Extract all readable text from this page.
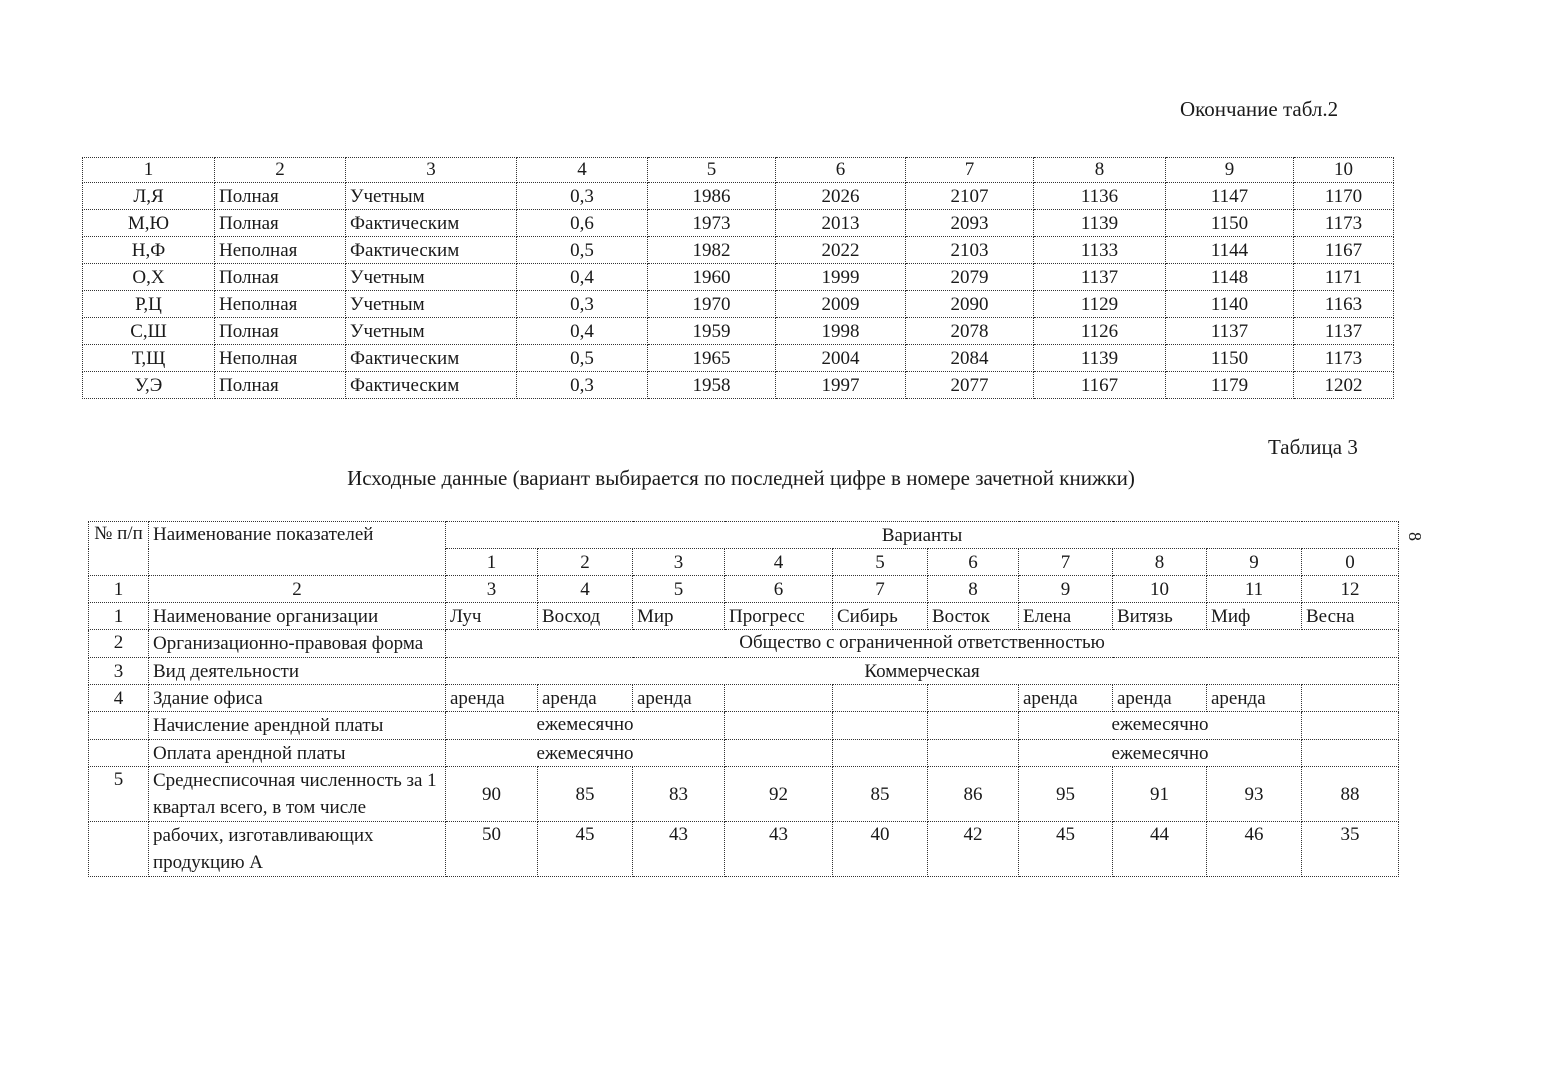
Окончание табл.2
1	2	3	4	5	6	7	8	9	10
Л,Я	Полная	Учетным	0,3	1986	2026	2107	1136	1147	1170
М,Ю	Полная	Фактическим	0,6	1973	2013	2093	1139	1150	1173
Н,Ф	Неполная	Фактическим	0,5	1982	2022	2103	1133	1144	1167
О,Х	Полная	Учетным	0,4	1960	1999	2079	1137	1148	1171
Р,Ц	Неполная	Учетным	0,3	1970	2009	2090	1129	1140	1163
С,Ш	Полная	Учетным	0,4	1959	1998	2078	1126	1137	1137
Т,Щ	Неполная	Фактическим	0,5	1965	2004	2084	1139	1150	1173
У,Э	Полная	Фактическим	0,3	1958	1997	2077	1167	1179	1202
Таблица 3
Исходные данные (вариант выбирается по последней цифре в номере зачетной книжки)
8
№ п/п	Наименование показателей	Варианты									
		1	2	3	4	5	6	7	8	9	0
1	2	3	4	5	6	7	8	9	10	11	12
1	Наименование организации	Луч	Восход	Мир	Прогресс	Сибирь	Восток	Елена	Витязь	Миф	Весна
2	Организационно-правовая форма	Общество с ограниченной ответственностью									
3	Вид деятельности	Коммерческая									
4	Здание офиса	аренда	аренда	аренда				аренда	аренда	аренда	
	Начисление арендной платы	ежемесячно						ежемесячно			
	Оплата арендной платы	ежемесячно						ежемесячно			
5	Среднесписочная численность за 1 квартал всего, в том числе	90	85	83	92	85	86	95	91	93	88
	рабочих, изготавливающих продукцию А	50	45	43	43	40	42	45	44	46	35
